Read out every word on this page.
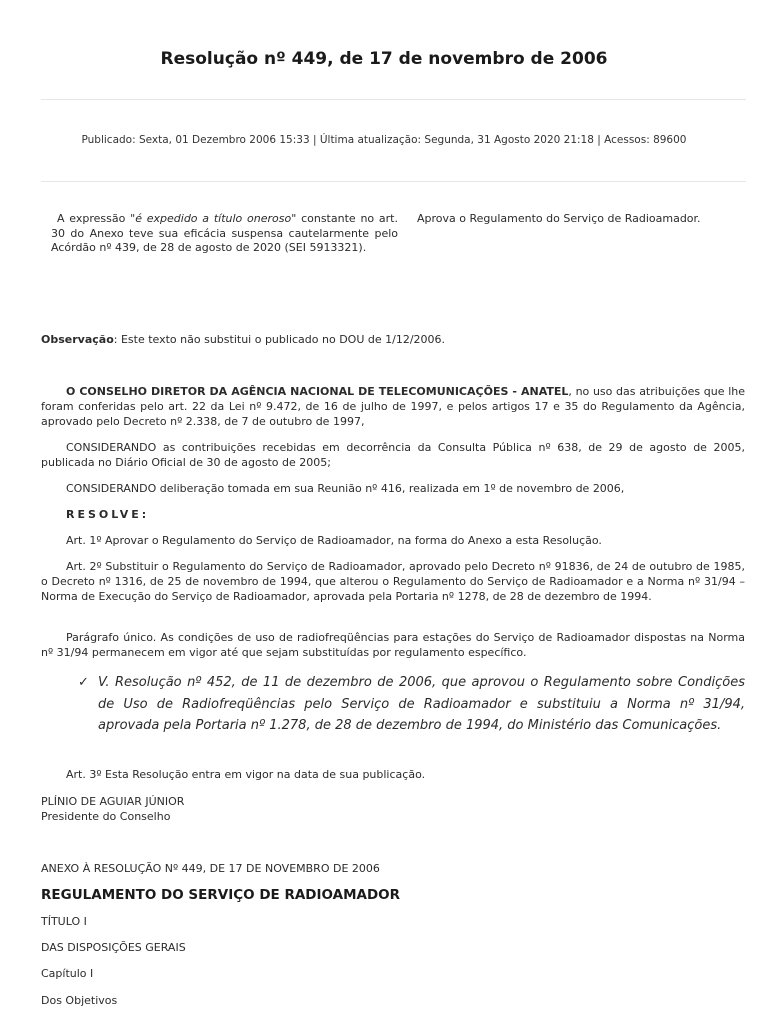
Resolução nº 449, de 17 de novembro de 2006
Publicado: Sexta, 01 Dezembro 2006 15:33 | Última atualização: Segunda, 31 Agosto 2020 21:18 | Acessos: 89600
A expressão "é expedido a título oneroso" constante no art. 30 do Anexo teve sua eficácia suspensa cautelarmente pelo Acórdão nº 439, de 28 de agosto de 2020 (SEI 5913321).
Aprova o Regulamento do Serviço de Radioamador.

Observação: Este texto não substitui o publicado no DOU de 1/12/2006.

O CONSELHO DIRETOR DA AGÊNCIA NACIONAL DE TELECOMUNICAÇÕES - ANATEL, no uso das atribuições que lhe foram conferidas pelo art. 22 da Lei nº 9.472, de 16 de julho de 1997, e pelos artigos 17 e 35 do Regulamento da Agência, aprovado pelo Decreto nº 2.338, de 7 de outubro de 1997,

CONSIDERANDO as contribuições recebidas em decorrência da Consulta Pública nº 638, de 29 de agosto de 2005, publicada no Diário Oficial de 30 de agosto de 2005;

CONSIDERANDO deliberação tomada em sua Reunião nº 416, realizada em 1º de novembro de 2006,

RESOLVE:

Art. 1º Aprovar o Regulamento do Serviço de Radioamador, na forma do Anexo a esta Resolução.

Art. 2º Substituir o Regulamento do Serviço de Radioamador, aprovado pelo Decreto nº 91836, de 24 de outubro de 1985, o Decreto nº 1316, de 25 de novembro de 1994, que alterou o Regulamento do Serviço de Radioamador e a Norma nº 31/94 – Norma de Execução do Serviço de Radioamador, aprovada pela Portaria nº 1278, de 28 de dezembro de 1994.

Parágrafo único. As condições de uso de radiofreqüências para estações do Serviço de Radioamador dispostas na Norma nº 31/94 permanecem em vigor até que sejam substituídas por regulamento específico.

✓ V. Resolução nº 452, de 11 de dezembro de 2006, que aprovou o Regulamento sobre Condições de Uso de Radiofreqüências pelo Serviço de Radioamador e substituiu a Norma nº 31/94, aprovada pela Portaria nº 1.278, de 28 de dezembro de 1994, do Ministério das Comunicações.

Art. 3º Esta Resolução entra em vigor na data de sua publicação.

PLÍNIO DE AGUIAR JÚNIOR
Presidente do Conselho

ANEXO À RESOLUÇÃO Nº 449, DE 17 DE NOVEMBRO DE 2006

REGULAMENTO DO SERVIÇO DE RADIOAMADOR

TÍTULO I

DAS DISPOSIÇÕES GERAIS

Capítulo I

Dos Objetivos
